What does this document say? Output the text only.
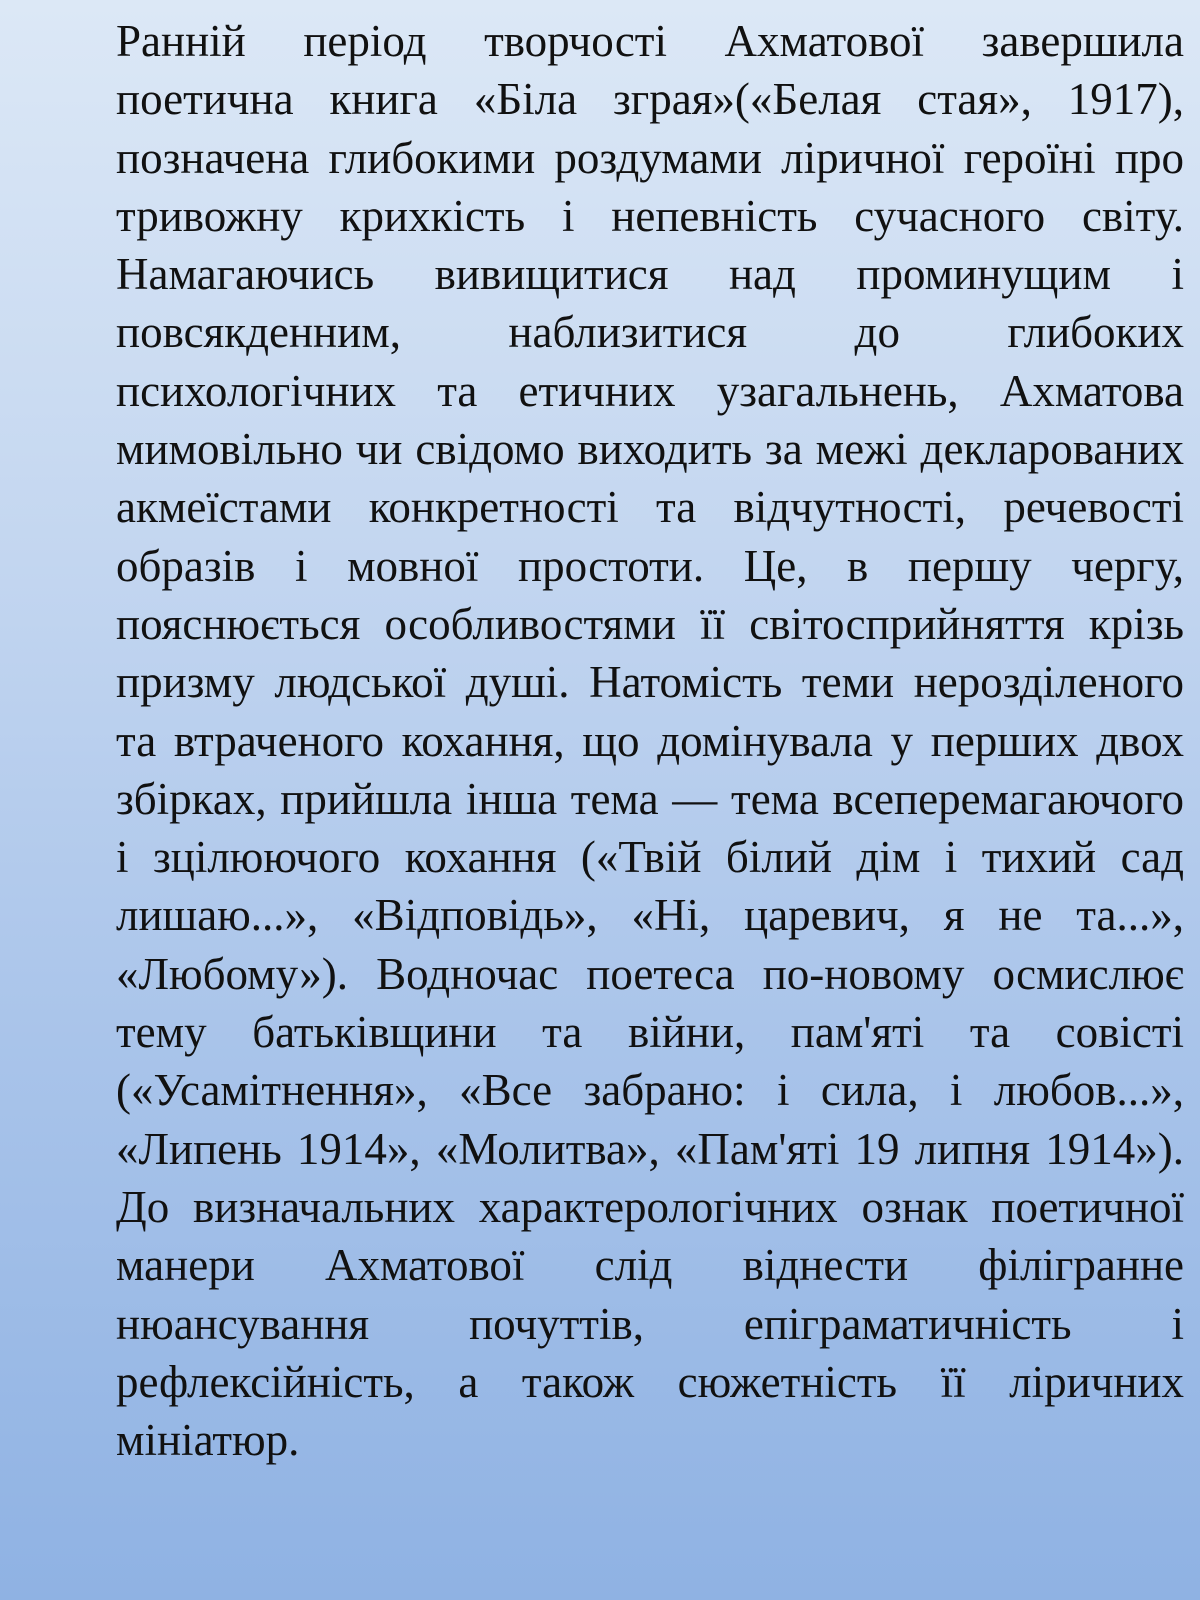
Ранній період творчості Ахматової завершила поетична книга «Біла зграя»(«Белая стая», 1917), позначена глибокими роздумами ліричної героїні про тривожну крихкість і непевність сучасного світу. Намагаючись вивищитися над проминущим і повсякденним, наблизитися до глибоких психологічних та етичних узагальнень, Ахматова мимовільно чи свідомо виходить за межі декларованих акмеїстами конкретності та відчутності, речевості образів і мовної простоти. Це, в першу чергу, пояснюється особливостями її світосприйняття крізь призму людської душі. Натомість теми нерозділеного та втраченого кохання, що домінувала у перших двох збірках, прийшла інша тема — тема всеперемагаючого і зцілюючого кохання («Твій білий дім і тихий сад лишаю...», «Відповідь», «Ні, царевич, я не та...», «Любому»). Водночас поетеса по-новому осмислює тему батьківщини та війни, пам'яті та совісті («Усамітнення», «Все забрано: і сила, і любов...», «Липень 1914», «Молитва», «Пам'яті 19 липня 1914»). До визначальних характерологічних ознак поетичної манери Ахматової слід віднести філігранне нюансування почуттів, епіграматичність і рефлексійність, а також сюжетність її ліричних мініатюр.
